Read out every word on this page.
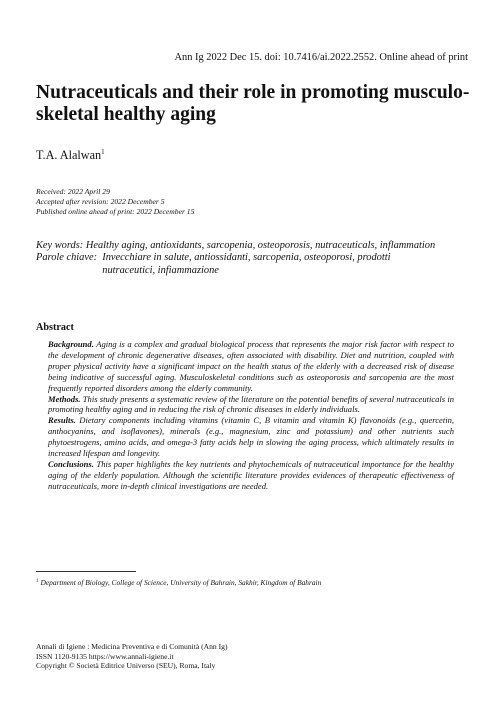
Ann Ig 2022 Dec 15. doi: 10.7416/ai.2022.2552. Online ahead of print
Nutraceuticals and their role in promoting musculo-skeletal healthy aging
T.A. Alalwan$^1$
Received: 2022 April 29
Accepted after revision: 2022 December 5
Published online ahead of print: 2022 December 15
Key words:
Healthy aging, antioxidants, sarcopenia, osteoporosis, nutraceuticals, inflammation
Parole chiave:
Invecchiare in salute, antiossidanti, sarcopenia, osteoporosi, prodotti nutraceutici, infiammazione
Abstract

Background. Aging is a complex and gradual biological process that represents the major risk factor with respect to the development of chronic degenerative diseases, often associated with disability. Diet and nutrition, coupled with proper physical activity have a significant impact on the health status of the elderly with a decreased risk of disease being indicative of successful aging. Musculoskeletal conditions such as osteoporosis and sarcopenia are the most frequently reported disorders among the elderly community.

Methods. This study presents a systematic review of the literature on the potential benefits of several nutraceuticals in promoting healthy aging and in reducing the risk of chronic diseases in elderly individuals.

Results. Dietary components including vitamins (vitamin C, B vitamin and vitamin K) flavonoids (e.g., quercetin, anthocyanins, and isoflavones), minerals (e.g., magnesium, zinc and potassium) and other nutrients such phytoestrogens, amino acids, and omega-3 fatty acids help in slowing the aging process, which ultimately results in increased lifespan and longevity.

Conclusions. This paper highlights the key nutrients and phytochemicals of nutraceutical importance for the healthy aging of the elderly population. Although the scientific literature provides evidences of therapeutic effectiveness of nutraceuticals, more in-depth clinical investigations are needed.

$^1$ Department of Biology, College of Science, University of Bahrain, Sakhir, Kingdom of Bahrain
Annali di Igiene : Medicina Preventiva e di Comunità (Ann Ig)
ISSN 1120-9135 https://www.annali-igiene.it
Copyright © Società Editrice Universo (SEU), Roma, Italy
